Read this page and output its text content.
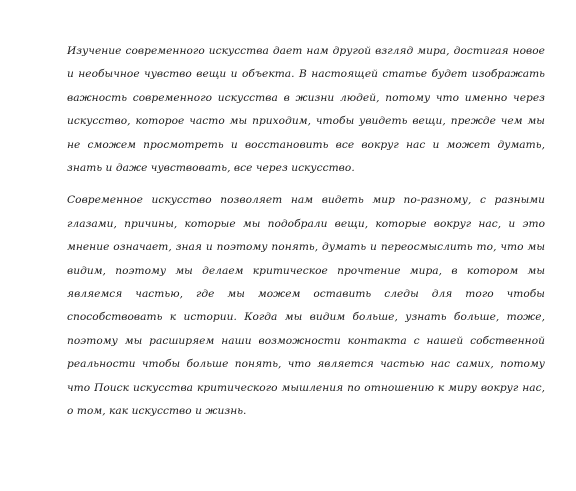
Изучение современного искусства дает нам другой взгляд мира, достигая новое и необычное чувство вещи и объекта. В настоящей статье будет изображать важность современного искусства в жизни людей, потому что именно через искусство, которое часто мы приходим, чтобы увидеть вещи, прежде чем мы не сможем просмотреть и восстановить все вокруг нас и может думать, знать и даже чувствовать, все через искусство.

Современное искусство позволяет нам видеть мир по-разному, с разными глазами, причины, которые мы подобрали вещи, которые вокруг нас, и это мнение означает, зная и поэтому понять, думать и переосмыслить то, что мы видим, поэтому мы делаем критическое прочтение мира, в котором мы являемся частью, где мы можем оставить следы для того чтобы способствовать к истории. Когда мы видим больше, узнать больше, тоже, поэтому мы расширяем наши возможности контакта с нашей собственной реальности чтобы больше понять, что является частью нас самих, потому что Поиск искусства критического мышления по отношению к миру вокруг нас, о том, как искусство и жизнь.
